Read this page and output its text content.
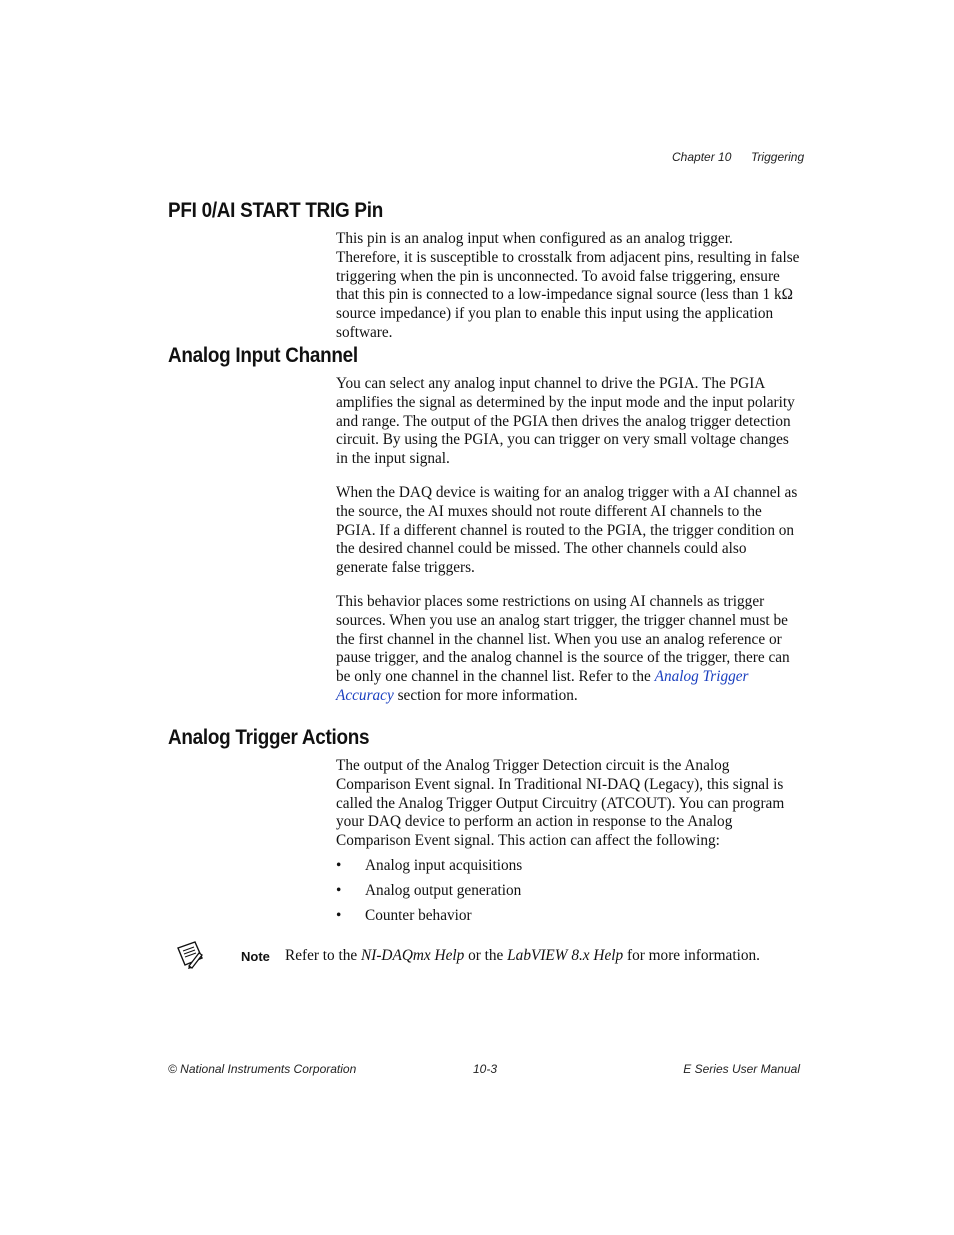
Chapter 10 Triggering
PFI 0/AI START TRIG Pin

This pin is an analog input when configured as an analog trigger. Therefore, it is susceptible to crosstalk from adjacent pins, resulting in false triggering when the pin is unconnected. To avoid false triggering, ensure that this pin is connected to a low-impedance signal source (less than 1 kΩ source impedance) if you plan to enable this input using the application software.

Analog Input Channel

You can select any analog input channel to drive the PGIA. The PGIA amplifies the signal as determined by the input mode and the input polarity and range. The output of the PGIA then drives the analog trigger detection circuit. By using the PGIA, you can trigger on very small voltage changes in the input signal.

When the DAQ device is waiting for an analog trigger with a AI channel as the source, the AI muxes should not route different AI channels to the PGIA. If a different channel is routed to the PGIA, the trigger condition on the desired channel could be missed. The other channels could also generate false triggers.

This behavior places some restrictions on using AI channels as trigger sources. When you use an analog start trigger, the trigger channel must be the first channel in the channel list. When you use an analog reference or pause trigger, and the analog channel is the source of the trigger, there can be only one channel in the channel list. Refer to the Analog Trigger Accuracy section for more information.

Analog Trigger Actions

The output of the Analog Trigger Detection circuit is the Analog Comparison Event signal. In Traditional NI-DAQ (Legacy), this signal is called the Analog Trigger Output Circuitry (ATCOUT). You can program your DAQ device to perform an action in response to the Analog Comparison Event signal. This action can affect the following:

• Analog input acquisitions
• Analog output generation
• Counter behavior
Note Refer to the NI-DAQmx Help or the LabVIEW 8.x Help for more information.
© National Instruments Corporation	10-3	E Series User Manual
